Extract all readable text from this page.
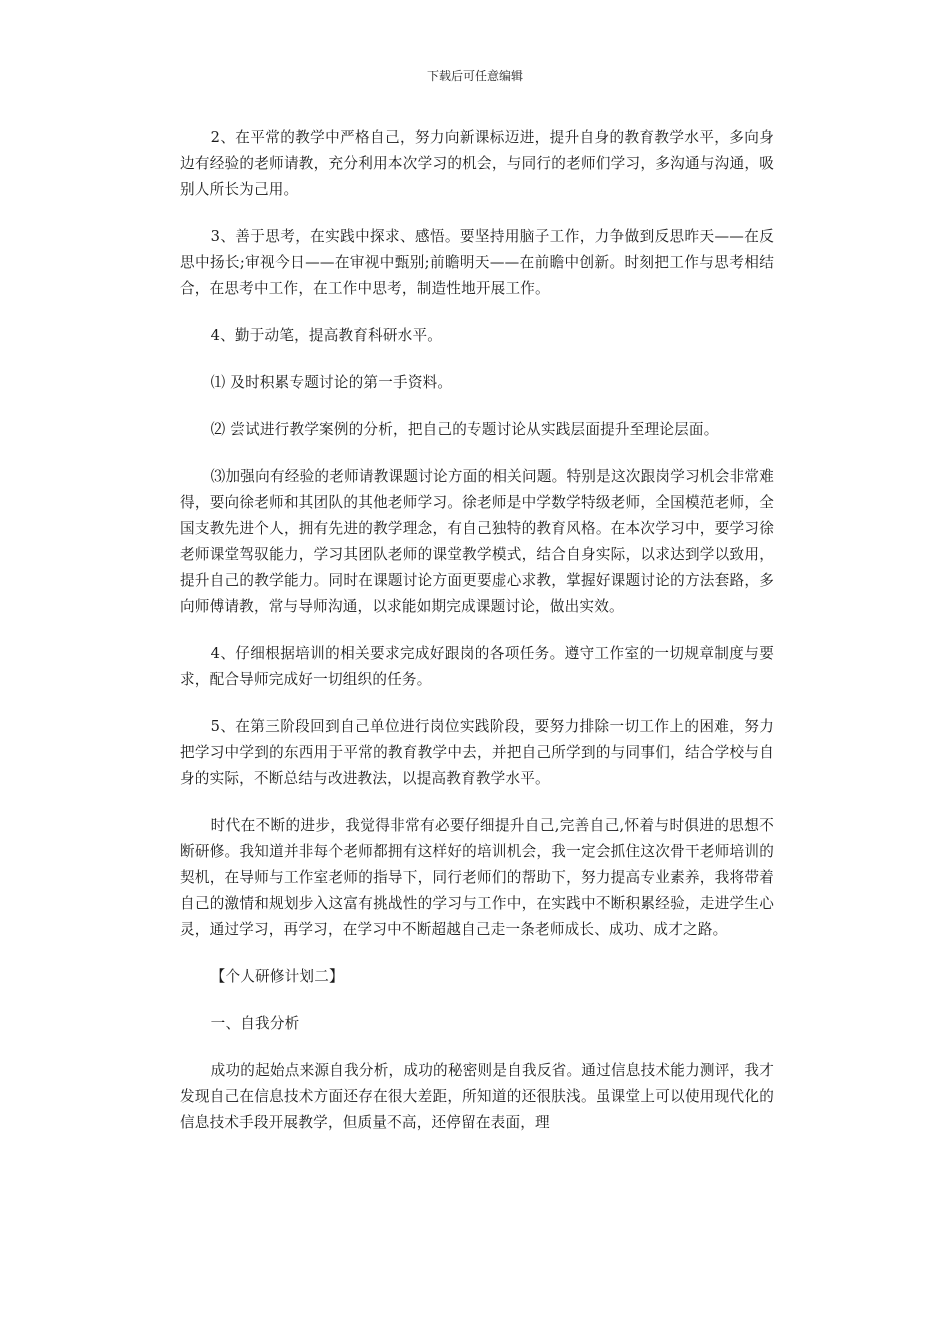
下载后可任意编辑

2、在平常的教学中严格自己，努力向新课标迈进，提升自身的教育教学水平，多向身边有经验的老师请教，充分利用本次学习的机会，与同行的老师们学习，多沟通与沟通，吸别人所长为己用。

3、善于思考，在实践中探求、感悟。要坚持用脑子工作，力争做到反思昨天——在反思中扬长;审视今日——在审视中甄别;前瞻明天——在前瞻中创新。时刻把工作与思考相结合，在思考中工作，在工作中思考，制造性地开展工作。

4、勤于动笔，提高教育科研水平。

⑴ 及时积累专题讨论的第一手资料。

⑵ 尝试进行教学案例的分析，把自己的专题讨论从实践层面提升至理论层面。

⑶加强向有经验的老师请教课题讨论方面的相关问题。特别是这次跟岗学习机会非常难得，要向徐老师和其团队的其他老师学习。徐老师是中学数学特级老师，全国模范老师，全国支教先进个人，拥有先进的教学理念，有自己独特的教育风格。在本次学习中，要学习徐老师课堂驾驭能力，学习其团队老师的课堂教学模式，结合自身实际，以求达到学以致用，提升自己的教学能力。同时在课题讨论方面更要虚心求教，掌握好课题讨论的方法套路，多向师傅请教，常与导师沟通，以求能如期完成课题讨论，做出实效。

4、仔细根据培训的相关要求完成好跟岗的各项任务。遵守工作室的一切规章制度与要求，配合导师完成好一切组织的任务。

5、在第三阶段回到自己单位进行岗位实践阶段，要努力排除一切工作上的困难，努力把学习中学到的东西用于平常的教育教学中去，并把自己所学到的与同事们，结合学校与自身的实际，不断总结与改进教法，以提高教育教学水平。

时代在不断的进步，我觉得非常有必要仔细提升自己,完善自己,怀着与时俱进的思想不断研修。我知道并非每个老师都拥有这样好的培训机会，我一定会抓住这次骨干老师培训的契机，在导师与工作室老师的指导下，同行老师们的帮助下，努力提高专业素养，我将带着自己的激情和规划步入这富有挑战性的学习与工作中，在实践中不断积累经验，走进学生心灵，通过学习，再学习，在学习中不断超越自己走一条老师成长、成功、成才之路。

【个人研修计划二】

一、自我分析

成功的起始点来源自我分析，成功的秘密则是自我反省。通过信息技术能力测评，我才发现自己在信息技术方面还存在很大差距，所知道的还很肤浅。虽课堂上可以使用现代化的信息技术手段开展教学，但质量不高，还停留在表面，理
